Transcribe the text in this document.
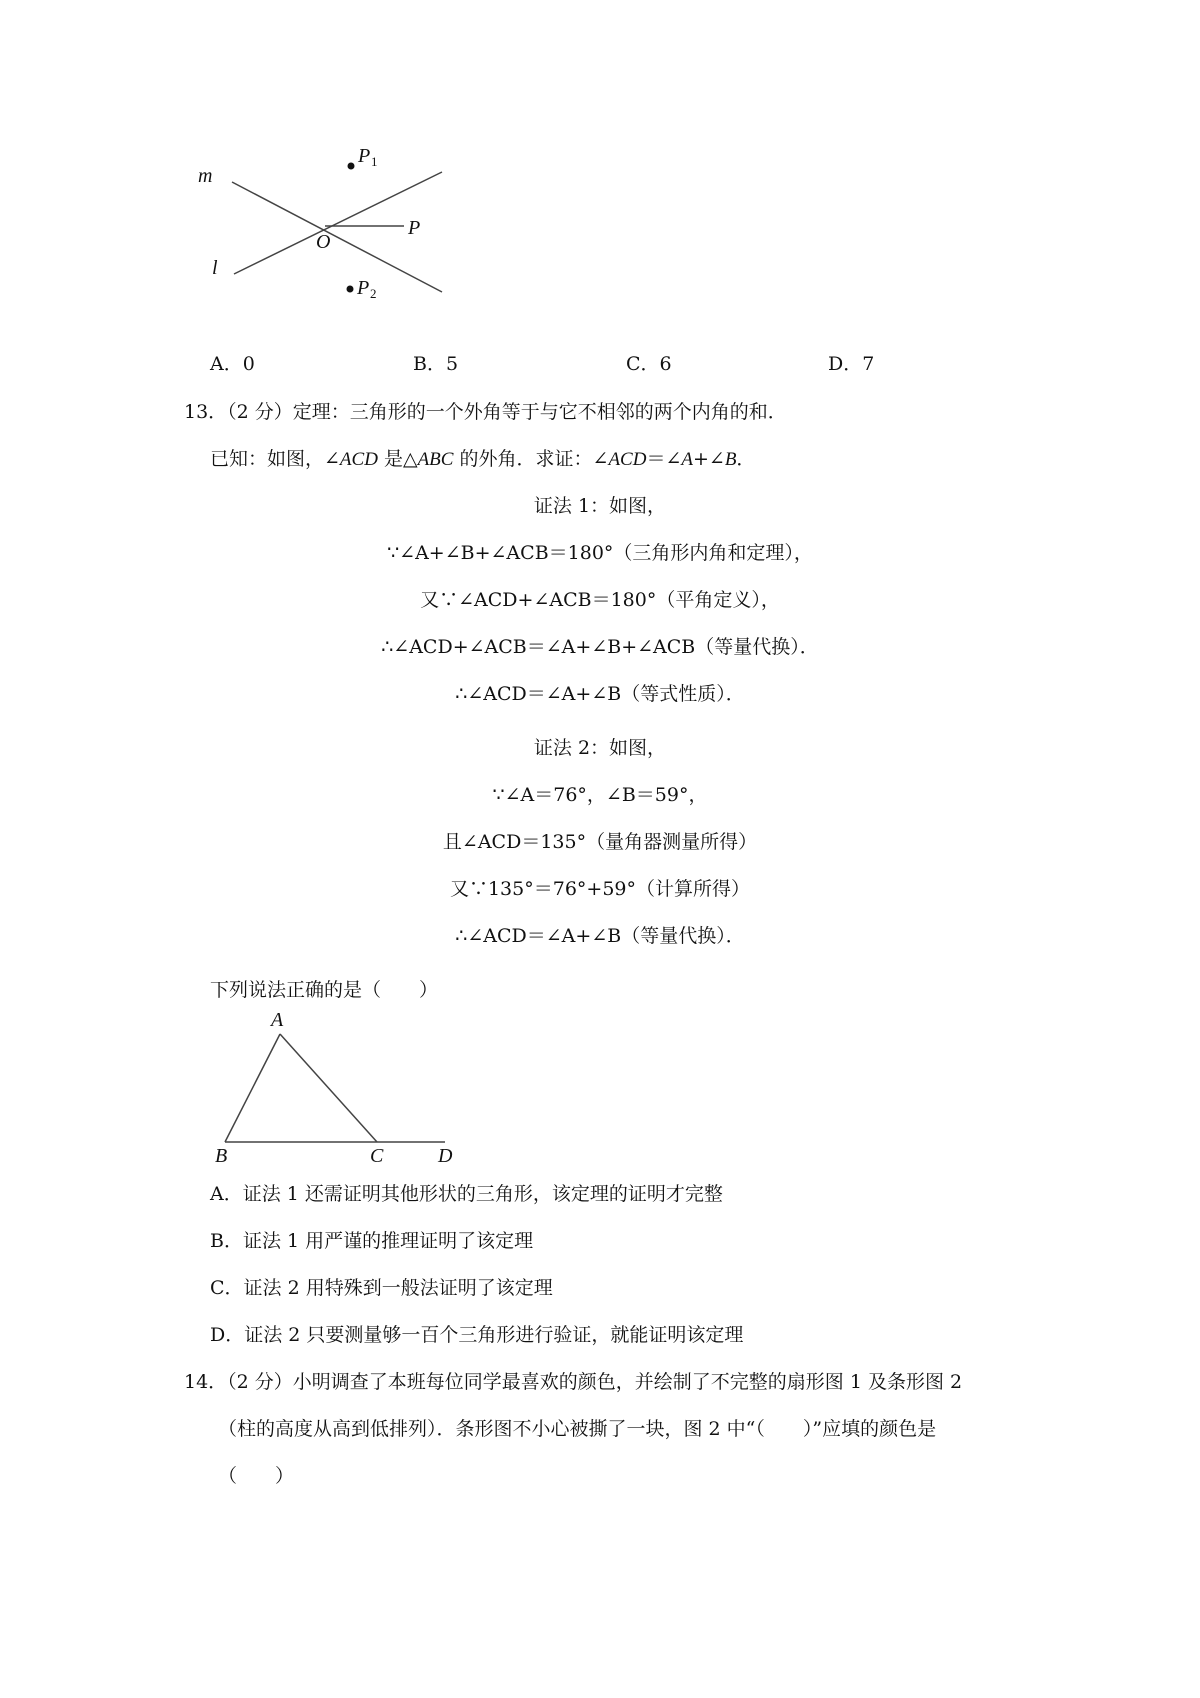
m
l
O
P
P 1
P 2
A．0	B．5	C．6	D．7
13．（2 分）定理：三角形的一个外角等于与它不相邻的两个内角的和．
已知：如图，∠ACD 是△ABC 的外角．求证：∠ACD＝∠A+∠B．
证法 1：如图，
∵∠A+∠B+∠ACB＝180°（三角形内角和定理），
又∵∠ACD+∠ACB＝180°（平角定义），
∴∠ACD+∠ACB＝∠A+∠B+∠ACB（等量代换）．
∴∠ACD＝∠A+∠B（等式性质）．
证法 2：如图，
∵∠A＝76°，∠B＝59°，
且∠ACD＝135°（量角器测量所得）
又∵135°＝76°+59°（计算所得）
∴∠ACD＝∠A+∠B（等量代换）．
下列说法正确的是（　　）
A
B	C	D
A．证法 1 还需证明其他形状的三角形，该定理的证明才完整
B．证法 1 用严谨的推理证明了该定理
C．证法 2 用特殊到一般法证明了该定理
D．证法 2 只要测量够一百个三角形进行验证，就能证明该定理
14．（2 分）小明调查了本班每位同学最喜欢的颜色，并绘制了不完整的扇形图 1 及条形图 2
（柱的高度从高到低排列）．条形图不小心被撕了一块，图 2 中“（　　）”应填的颜色是
（　　）
